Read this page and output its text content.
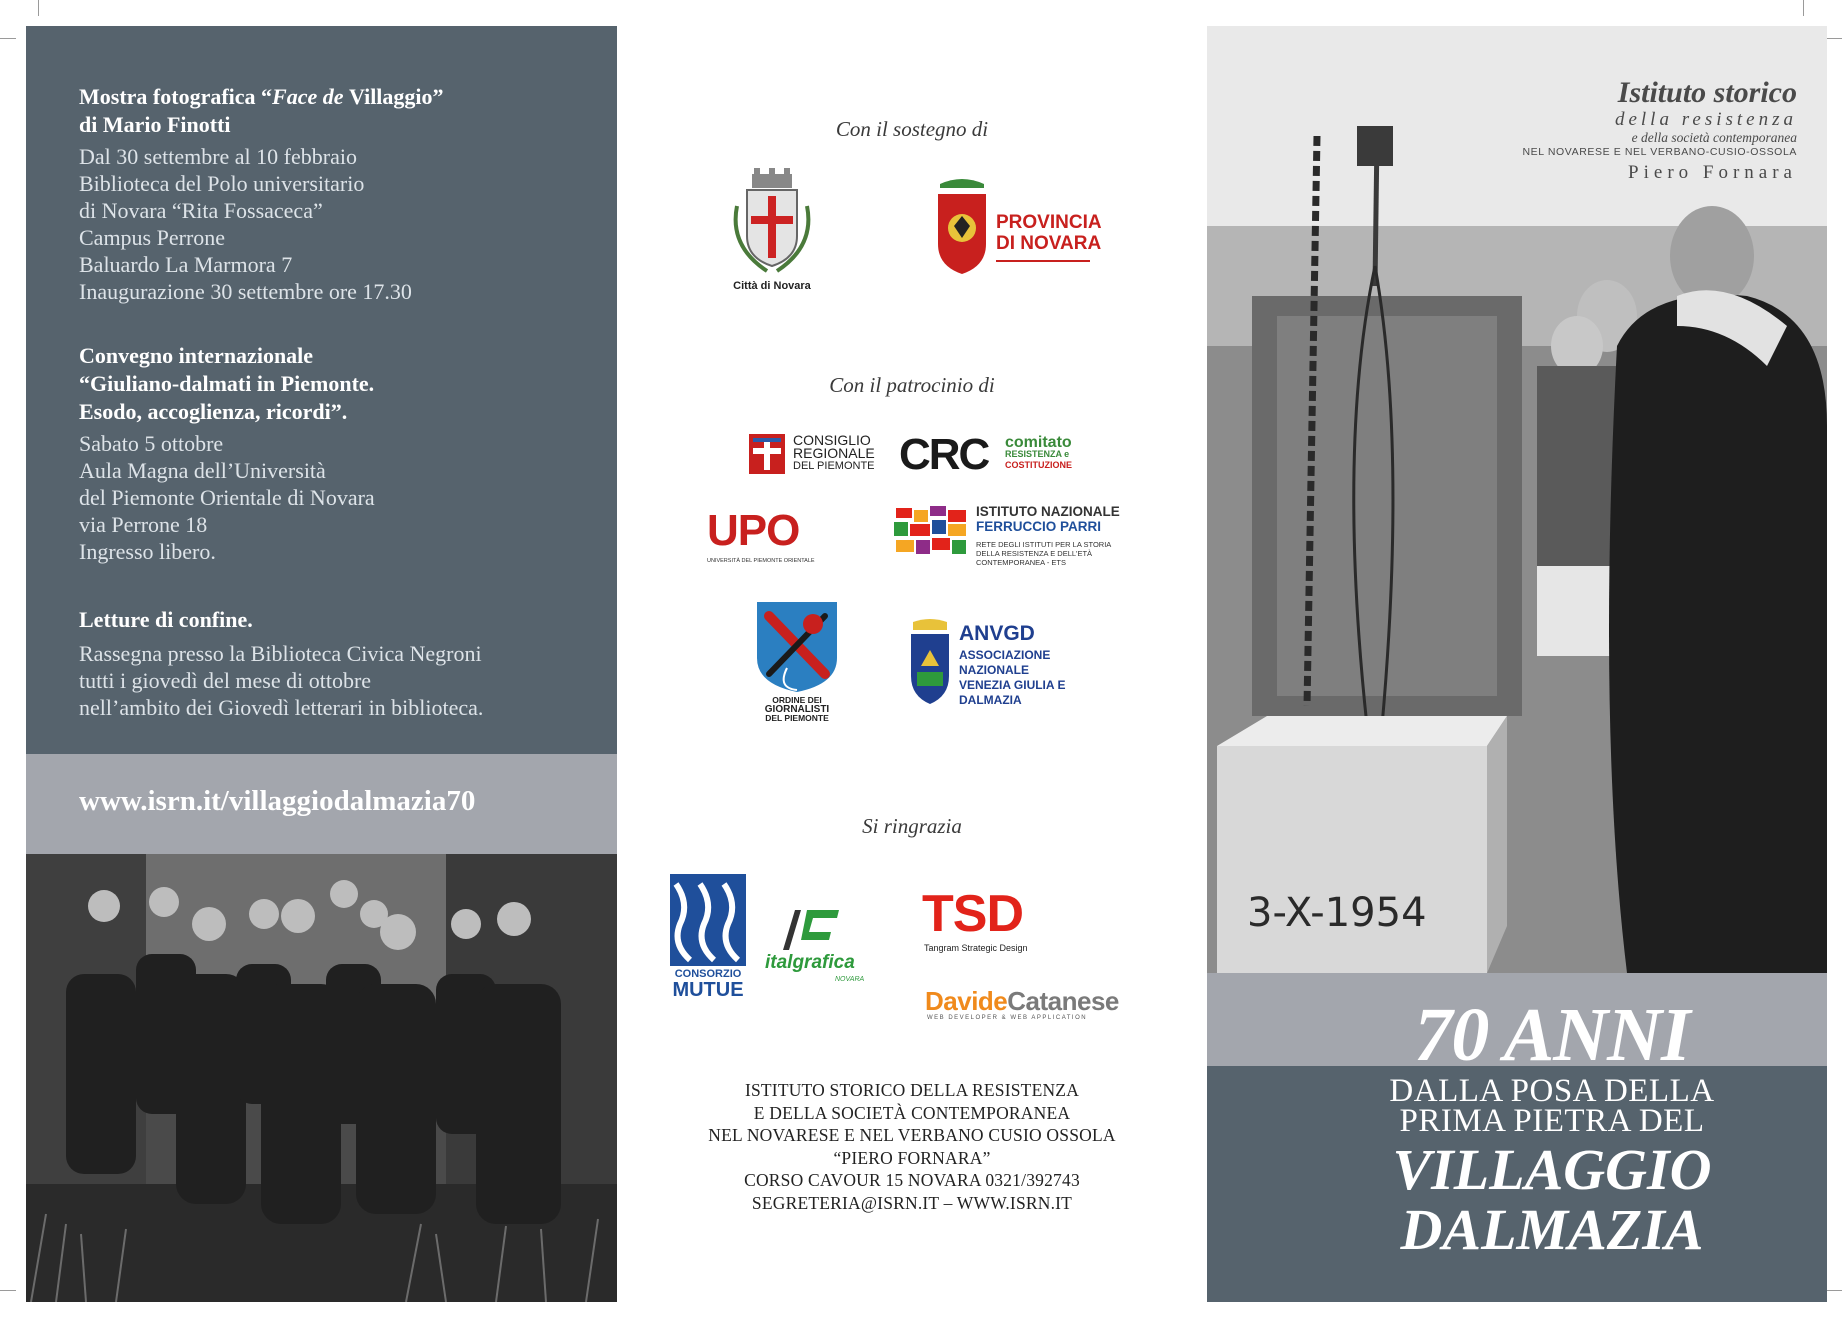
Mostra fotografica “Face de Villaggio”
di Mario Finotti
Dal 30 settembre al 10 febbraio
Biblioteca del Polo universitario
di Novara “Rita Fossaceca”
Campus Perrone
Baluardo La Marmora 7
Inaugurazione 30 settembre ore 17.30
Convegno internazionale
“Giuliano-dalmati in Piemonte.
Esodo, accoglienza, ricordi”.
Sabato 5 ottobre
Aula Magna dell’Università
del Piemonte Orientale di Novara
via Perrone 18
Ingresso libero.
Letture di confine.
Rassegna presso la Biblioteca Civica Negroni
tutti i giovedì del mese di ottobre
nell’ambito dei Giovedì letterari in biblioteca.
www.isrn.it/villaggiodalmazia70
Con il sostegno di
Città di Novara
PROVINCIA
DI NOVARA
Con il patrocinio di
CONSIGLIO
REGIONALE
DEL PIEMONTE CRC comitato
RESISTENZA e
COSTITUZIONE
UPO
UNIVERSITÀ DEL PIEMONTE ORIENTALE
ISTITUTO NAZIONALE
FERRUCCIO PARRI
RETE DEGLI ISTITUTI PER LA STORIA
DELLA RESISTENZA E DELL'ETÀ
CONTEMPORANEA - ETS
ORDINE DEI
GIORNALISTI
DEL PIEMONTE
ANVGD
ASSOCIAZIONE
NAZIONALE
VENEZIA GIULIA E
DALMAZIA
Si ringrazia
CONSORZIO
MUTUE
italgrafica
NOVARA
TSD
Tangram Strategic Design
DavideCatanese
WEB DEVELOPER & WEB APPLICATION
ISTITUTO STORICO DELLA RESISTENZA
E DELLA SOCIETÀ CONTEMPORANEA
NEL NOVARESE E NEL VERBANO CUSIO OSSOLA
“PIERO FORNARA”
CORSO CAVOUR 15 NOVARA 0321/392743
SEGRETERIA@ISRN.IT – WWW.ISRN.IT
3-X-1954
Istituto storico
della resistenza
e della società contemporanea
NEL NOVARESE E NEL VERBANO-CUSIO-OSSOLA
Piero Fornara
70 ANNI
DALLA POSA DELLA
PRIMA PIETRA DEL
VILLAGGIO
DALMAZIA
